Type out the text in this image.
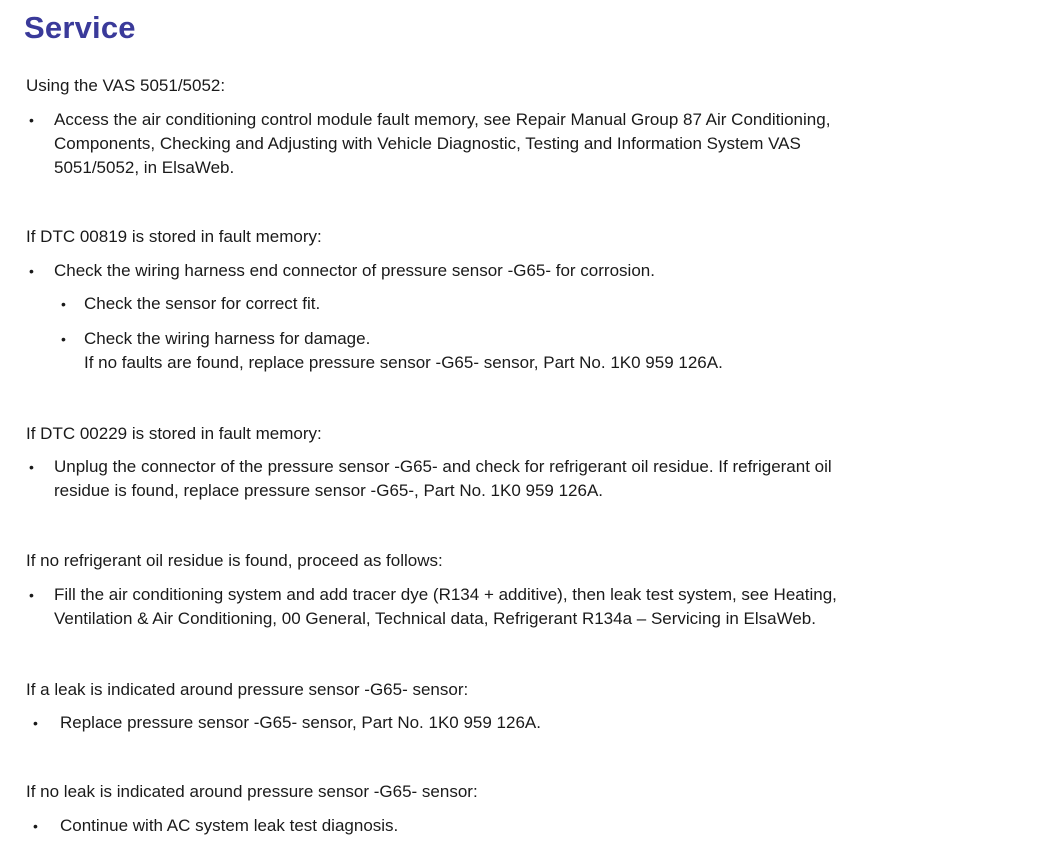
Service

Using the VAS 5051/5052:

• Access the air conditioning control module fault memory, see Repair Manual Group 87 Air Conditioning,
Components, Checking and Adjusting with Vehicle Diagnostic, Testing and Information System VAS
5051/5052, in ElsaWeb.

If DTC 00819 is stored in fault memory:

• Check the wiring harness end connector of pressure sensor -G65- for corrosion.

• Check the sensor for correct fit.

• Check the wiring harness for damage.
If no faults are found, replace pressure sensor -G65- sensor, Part No. 1K0 959 126A.

If DTC 00229 is stored in fault memory:

• Unplug the connector of the pressure sensor -G65- and check for refrigerant oil residue. If refrigerant oil
residue is found, replace pressure sensor -G65-, Part No. 1K0 959 126A.

If no refrigerant oil residue is found, proceed as follows:

• Fill the air conditioning system and add tracer dye (R134 + additive), then leak test system, see Heating,
Ventilation & Air Conditioning, 00 General, Technical data, Refrigerant R134a – Servicing in ElsaWeb.

If a leak is indicated around pressure sensor -G65- sensor:

• Replace pressure sensor -G65- sensor, Part No. 1K0 959 126A.

If no leak is indicated around pressure sensor -G65- sensor:

• Continue with AC system leak test diagnosis.
